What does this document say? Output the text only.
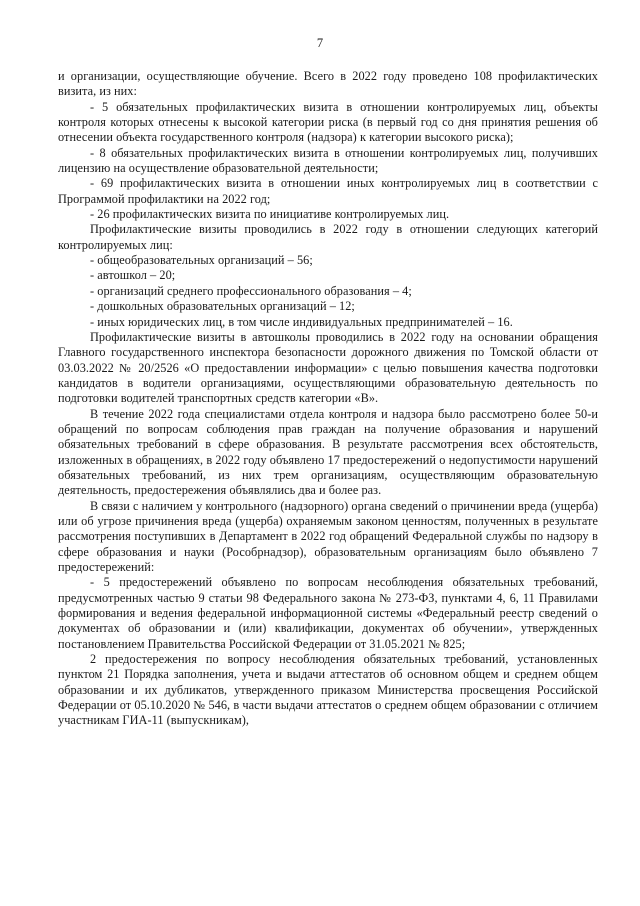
7

и организации, осуществляющие обучение. Всего в 2022 году проведено 108 профилактических визита, из них:

- 5 обязательных профилактических визита в отношении контролируемых лиц, объекты контроля которых отнесены к высокой категории риска (в первый год со дня принятия решения об отнесении объекта государственного контроля (надзора) к категории высокого риска);

- 8 обязательных профилактических визита в отношении контролируемых лиц, получивших лицензию на осуществление образовательной деятельности;

- 69 профилактических визита в отношении иных контролируемых лиц в соответствии с Программой профилактики на 2022 год;

- 26 профилактических визита по инициативе контролируемых лиц.

Профилактические визиты проводились в 2022 году в отношении следующих категорий контролируемых лиц:

- общеобразовательных организаций – 56;

- автошкол – 20;

- организаций среднего профессионального образования – 4;

- дошкольных образовательных организаций – 12;

- иных юридических лиц, в том числе индивидуальных предпринимателей – 16.

Профилактические визиты в автошколы проводились в 2022 году на основании обращения Главного государственного инспектора безопасности дорожного движения по Томской области от 03.03.2022 № 20/2526 «О предоставлении информации» с целью повышения качества подготовки кандидатов в водители организациями, осуществляющими образовательную деятельность по подготовки водителей транспортных средств категории «В».

В течение 2022 года специалистами отдела контроля и надзора было рассмотрено более 50-и обращений по вопросам соблюдения прав граждан на получение образования и нарушений обязательных требований в сфере образования. В результате рассмотрения всех обстоятельств, изложенных в обращениях, в 2022 году объявлено 17 предостережений о недопустимости нарушений обязательных требований, из них трем организациям, осуществляющим образовательную деятельность, предостережения объявлялись два и более раз.

В связи с наличием у контрольного (надзорного) органа сведений о причинении вреда (ущерба) или об угрозе причинения вреда (ущерба) охраняемым законом ценностям, полученных в результате рассмотрения поступивших в Департамент в 2022 год обращений Федеральной службы по надзору в сфере образования и науки (Рособрнадзор), образовательным организациям было объявлено 7 предостережений:

- 5 предостережений объявлено по вопросам несоблюдения обязательных требований, предусмотренных частью 9 статьи 98 Федерального закона № 273-ФЗ, пунктами 4, 6, 11 Правилами формирования и ведения федеральной информационной системы «Федеральный реестр сведений о документах об образовании и (или) квалификации, документах об обучении», утвержденных постановлением Правительства Российской Федерации от 31.05.2021 № 825;

2 предостережения по вопросу несоблюдения обязательных требований, установленных пунктом 21 Порядка заполнения, учета и выдачи аттестатов об основном общем и среднем общем образовании и их дубликатов, утвержденного приказом Министерства просвещения Российской Федерации от 05.10.2020 № 546, в части выдачи аттестатов о среднем общем образовании с отличием участникам ГИА-11 (выпускникам),
